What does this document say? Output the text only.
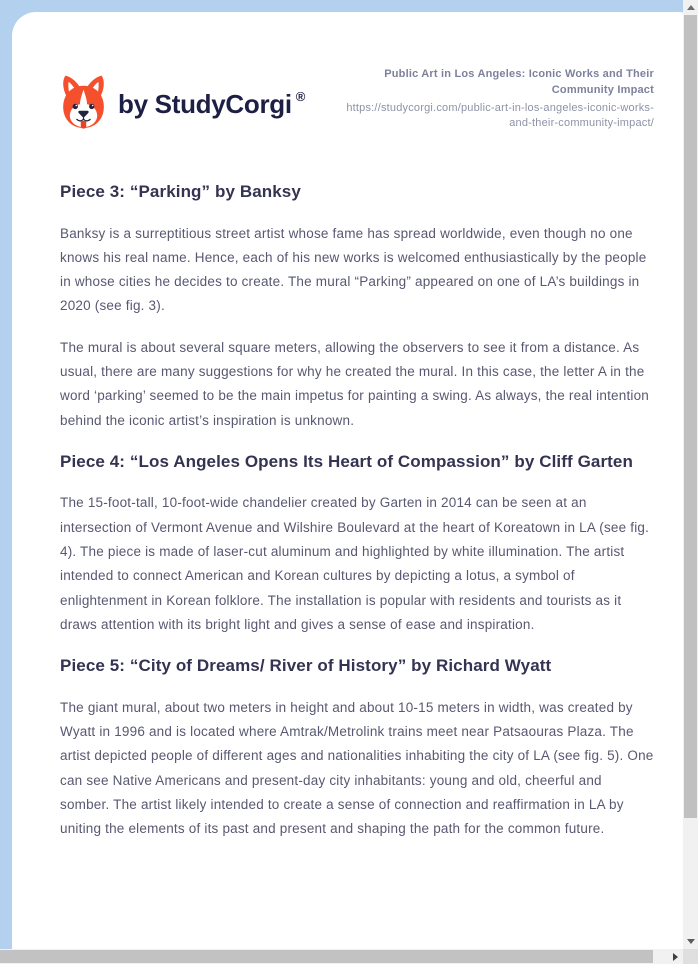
by StudyCorgi ®
Public Art in Los Angeles: Iconic Works and Their Community Impact
https://studycorgi.com/public-art-in-los-angeles-iconic-works-and-their-community-impact/
Piece 3: “Parking” by Banksy

Banksy is a surreptitious street artist whose fame has spread worldwide, even though no one knows his real name. Hence, each of his new works is welcomed enthusiastically by the people in whose cities he decides to create. The mural “Parking” appeared on one of LA’s buildings in 2020 (see fig. 3).

The mural is about several square meters, allowing the observers to see it from a distance. As usual, there are many suggestions for why he created the mural. In this case, the letter A in the word ‘parking’ seemed to be the main impetus for painting a swing. As always, the real intention behind the iconic artist’s inspiration is unknown.

Piece 4: “Los Angeles Opens Its Heart of Compassion” by Cliff Garten

The 15-foot-tall, 10-foot-wide chandelier created by Garten in 2014 can be seen at an intersection of Vermont Avenue and Wilshire Boulevard at the heart of Koreatown in LA (see fig. 4). The piece is made of laser-cut aluminum and highlighted by white illumination. The artist intended to connect American and Korean cultures by depicting a lotus, a symbol of enlightenment in Korean folklore. The installation is popular with residents and tourists as it draws attention with its bright light and gives a sense of ease and inspiration.

Piece 5: “City of Dreams/ River of History” by Richard Wyatt

The giant mural, about two meters in height and about 10-15 meters in width, was created by Wyatt in 1996 and is located where Amtrak/Metrolink trains meet near Patsaouras Plaza. The artist depicted people of different ages and nationalities inhabiting the city of LA (see fig. 5). One can see Native Americans and present-day city inhabitants: young and old, cheerful and somber. The artist likely intended to create a sense of connection and reaffirmation in LA by uniting the elements of its past and present and shaping the path for the common future.
